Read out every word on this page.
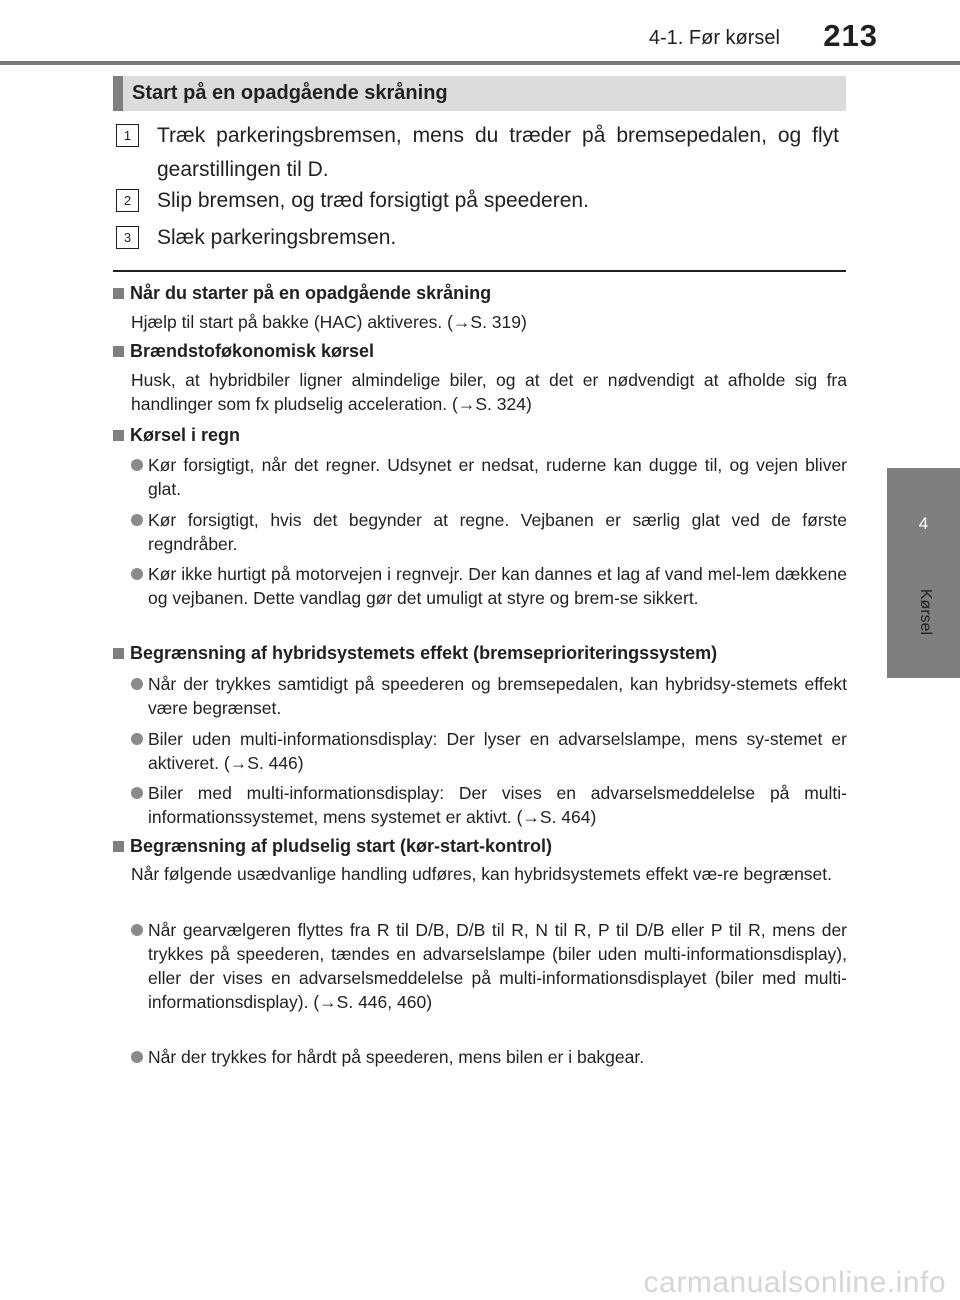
4-1. Før kørsel 213
4
Kørsel
Start på en opadgående skråning
1	Træk parkeringsbremsen, mens du træder på bremsepedalen, og flyt gearstillingen til D.
2	Slip bremsen, og træd forsigtigt på speederen.
3	Slæk parkeringsbremsen.
Når du starter på en opadgående skråning
Hjælp til start på bakke (HAC) aktiveres. (→S. 319)
Brændstoføkonomisk kørsel
Husk, at hybridbiler ligner almindelige biler, og at det er nødvendigt at afholde sig fra handlinger som fx pludselig acceleration. (→S. 324)
Kørsel i regn
Kør forsigtigt, når det regner. Udsynet er nedsat, ruderne kan dugge til, og vejen bliver glat.
Kør forsigtigt, hvis det begynder at regne. Vejbanen er særlig glat ved de første regndråber.
Kør ikke hurtigt på motorvejen i regnvejr. Der kan dannes et lag af vand mel-lem dækkene og vejbanen. Dette vandlag gør det umuligt at styre og brem-se sikkert.
Begrænsning af hybridsystemets effekt (bremseprioriteringssystem)
Når der trykkes samtidigt på speederen og bremsepedalen, kan hybridsy-stemets effekt være begrænset.
Biler uden multi-informationsdisplay: Der lyser en advarselslampe, mens sy-stemet er aktiveret. (→S. 446)
Biler med multi-informationsdisplay: Der vises en advarselsmeddelelse på multi-informationssystemet, mens systemet er aktivt. (→S. 464)
Begrænsning af pludselig start (kør-start-kontrol)
Når følgende usædvanlige handling udføres, kan hybridsystemets effekt væ-re begrænset.
Når gearvælgeren flyttes fra R til D/B, D/B til R, N til R, P til D/B eller P til R, mens der trykkes på speederen, tændes en advarselslampe (biler uden multi-informationsdisplay), eller der vises en advarselsmeddelelse på multi-informationsdisplayet (biler med multi-informationsdisplay). (→S. 446, 460)
Når der trykkes for hårdt på speederen, mens bilen er i bakgear.
carmanualsonline.info
